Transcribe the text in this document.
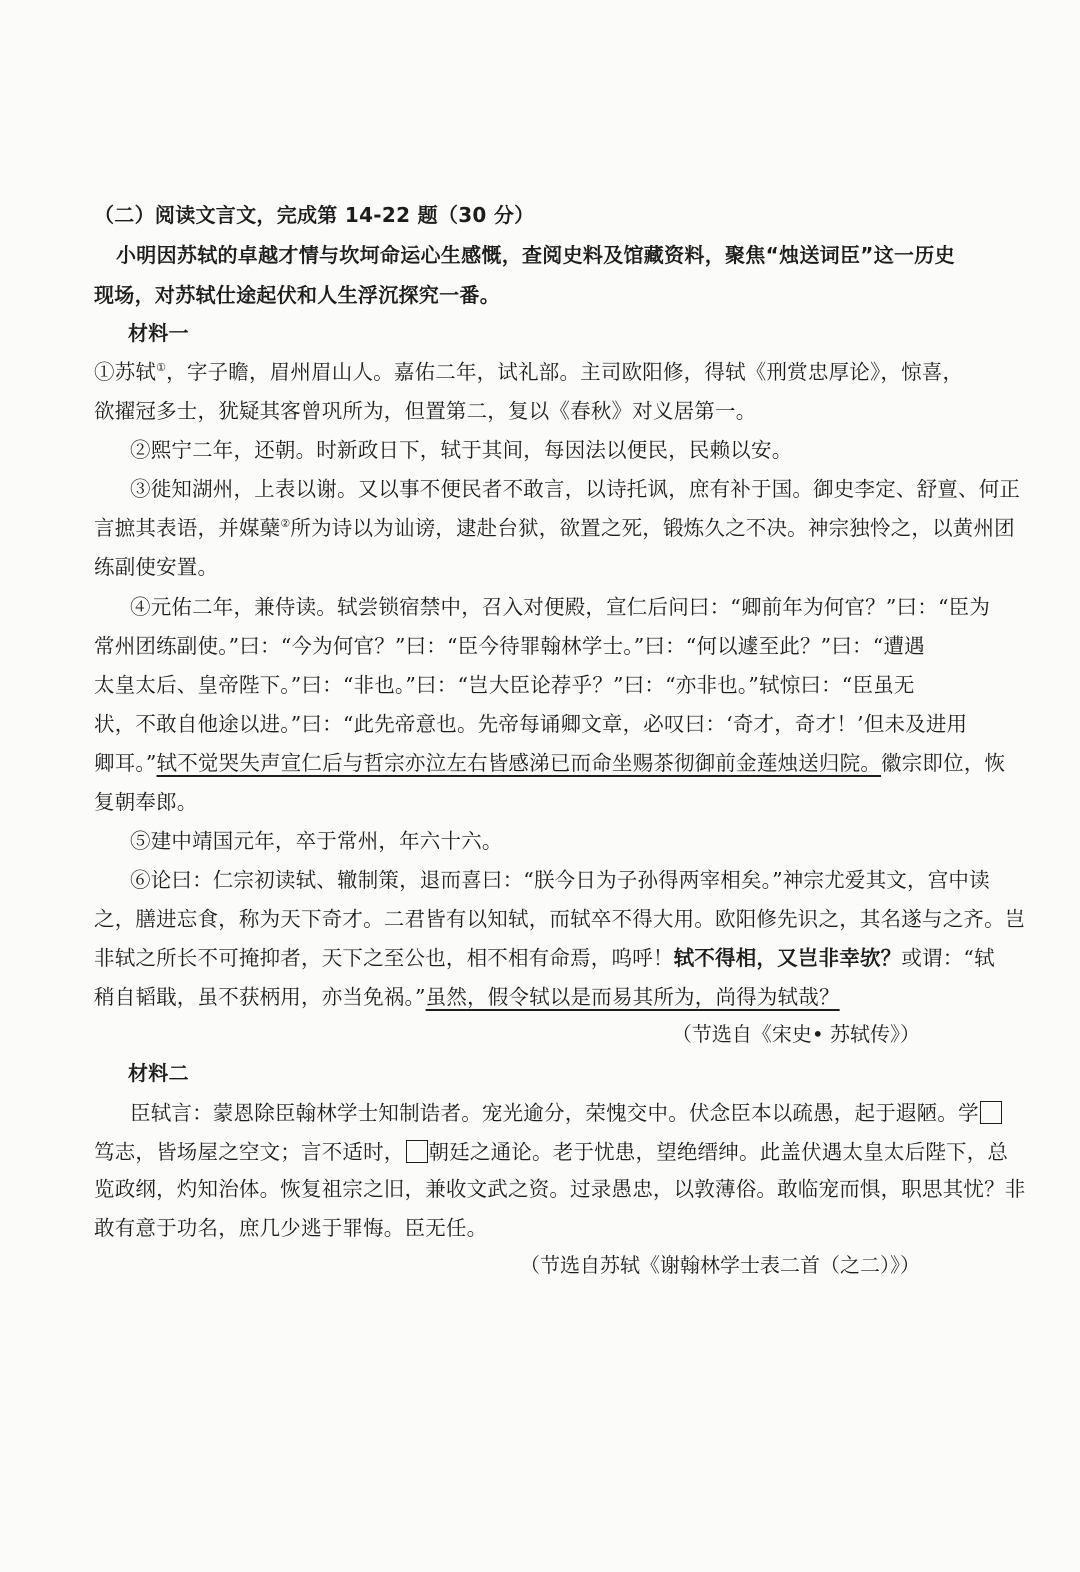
（二）阅读文言文，完成第 14-22 题（30 分）
小明因苏轼的卓越才情与坎坷命运心生感慨，查阅史料及馆藏资料，聚焦“烛送词臣”这一历史
现场，对苏轼仕途起伏和人生浮沉探究一番。
材料一
①苏轼①，字子瞻，眉州眉山人。嘉佑二年，试礼部。主司欧阳修，得轼《刑赏忠厚论》，惊喜，
欲擢冠多士，犹疑其客曾巩所为，但置第二，复以《春秋》对义居第一。
②熙宁二年，还朝。时新政日下，轼于其间，每因法以便民，民赖以安。
③徙知湖州，上表以谢。又以事不便民者不敢言，以诗托讽，庶有补于国。御史李定、舒亶、何正
言摭其表语，并媒蘖②所为诗以为讪谤，逮赴台狱，欲置之死，锻炼久之不决。神宗独怜之，以黄州团
练副使安置。
④元佑二年，兼侍读。轼尝锁宿禁中，召入对便殿，宣仁后问曰：“卿前年为何官？”曰：“臣为
常州团练副使。”曰：“今为何官？”曰：“臣今待罪翰林学士。”曰：“何以遽至此？”曰：“遭遇
太皇太后、皇帝陛下。”曰：“非也。”曰：“岂大臣论荐乎？”曰：“亦非也。”轼惊曰：“臣虽无
状，不敢自他途以进。”曰：“此先帝意也。先帝每诵卿文章，必叹曰：‘奇才，奇才！’但未及进用
卿耳。”轼不觉哭失声宣仁后与哲宗亦泣左右皆感涕已而命坐赐茶彻御前金莲烛送归院。徽宗即位，恢
复朝奉郎。
⑤建中靖国元年，卒于常州，年六十六。
⑥论曰：仁宗初读轼、辙制策，退而喜曰：“朕今日为子孙得两宰相矣。”神宗尤爱其文，宫中读
之，膳进忘食，称为天下奇才。二君皆有以知轼，而轼卒不得大用。欧阳修先识之，其名遂与之齐。岂
非轼之所长不可掩抑者，天下之至公也，相不相有命焉，呜呼！轼不得相，又岂非幸欤？或谓：“轼
稍自韬戢，虽不获柄用，亦当免祸。”虽然，假令轼以是而易其所为，尚得为轼哉？
（节选自《宋史• 苏轼传》）
材料二
臣轼言：蒙恩除臣翰林学士知制诰者。宠光逾分，荣愧交中。伏念臣本以疏愚，起于遐陋。学
笃志，皆场屋之空文；言不适时， 朝廷之通论。老于忧患，望绝缙绅。此盖伏遇太皇太后陛下，总
览政纲，灼知治体。恢复祖宗之旧，兼收文武之资。过录愚忠，以敦薄俗。敢临宠而惧，职思其忧？非
敢有意于功名，庶几少逃于罪悔。臣无任。
（节选自苏轼《谢翰林学士表二首（之二）》）
